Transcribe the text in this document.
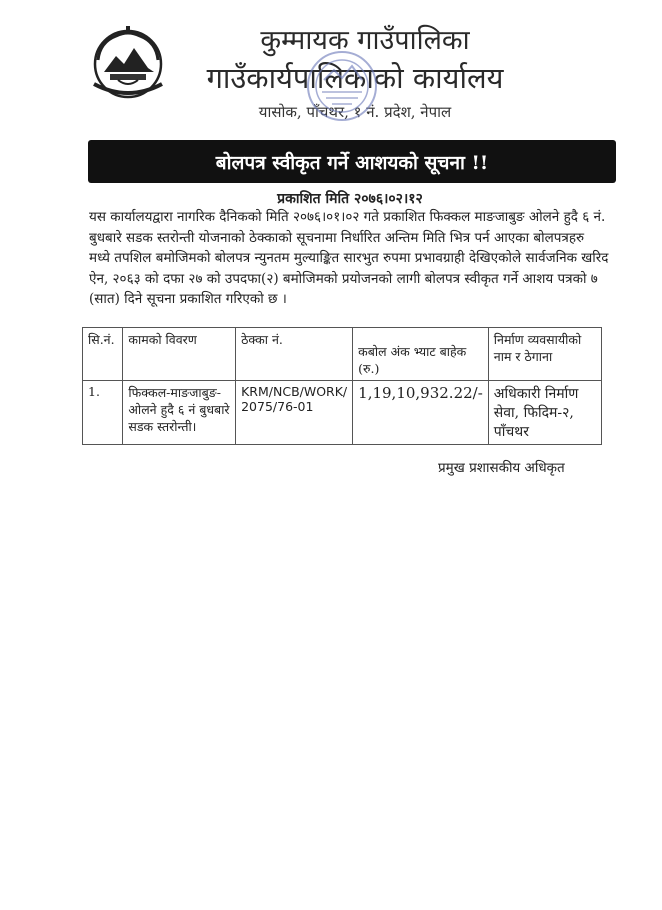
कुम्मायक गाउँपालिका
गाउँकार्यपालिकाको कार्यालय
यासोक, पाँचथर, १ नं. प्रदेश, नेपाल
बोलपत्र स्वीकृत गर्ने आशयको सूचना !!
प्रकाशित मिति २०७६।०२।१२
यस कार्यालयद्वारा नागरिक दैनिकको मिति २०७६।०१।०२ गते प्रकाशित फिक्कल माङजाबुङ ओलने हुदै ६ नं. बुधबारे सडक स्तरोन्ती योजनाको ठेक्काको सूचनामा निर्धारित अन्तिम मिति भित्र पर्न आएका बोलपत्रहरु मध्ये तपशिल बमोजिमको बोलपत्र न्युनतम मुल्याङ्कित सारभुत रुपमा प्रभावग्राही देखिएकोले सार्वजनिक खरिद ऐन, २०६३ को दफा २७ को उपदफा(२) बमोजिमको प्रयोजनको लागी बोलपत्र स्वीकृत गर्ने आशय पत्रको ७ (सात) दिने सूचना प्रकाशित गरिएको छ ।
सि.नं.	कामको विवरण	ठेक्का नं.	कबोल अंक भ्याट बाहेक (रु.)	निर्माण व्यवसायीको नाम र ठेगाना
1.	फिक्कल-माङजाबुङ-ओलने हुदै ६ नं बुधबारे सडक स्तरोन्ती।	KRM/NCB/WORK/ 2075/76-01	1,19,10,932.22/-	अधिकारी निर्माण सेवा, फिदिम-२, पाँचथर
प्रमुख प्रशासकीय अधिकृत
